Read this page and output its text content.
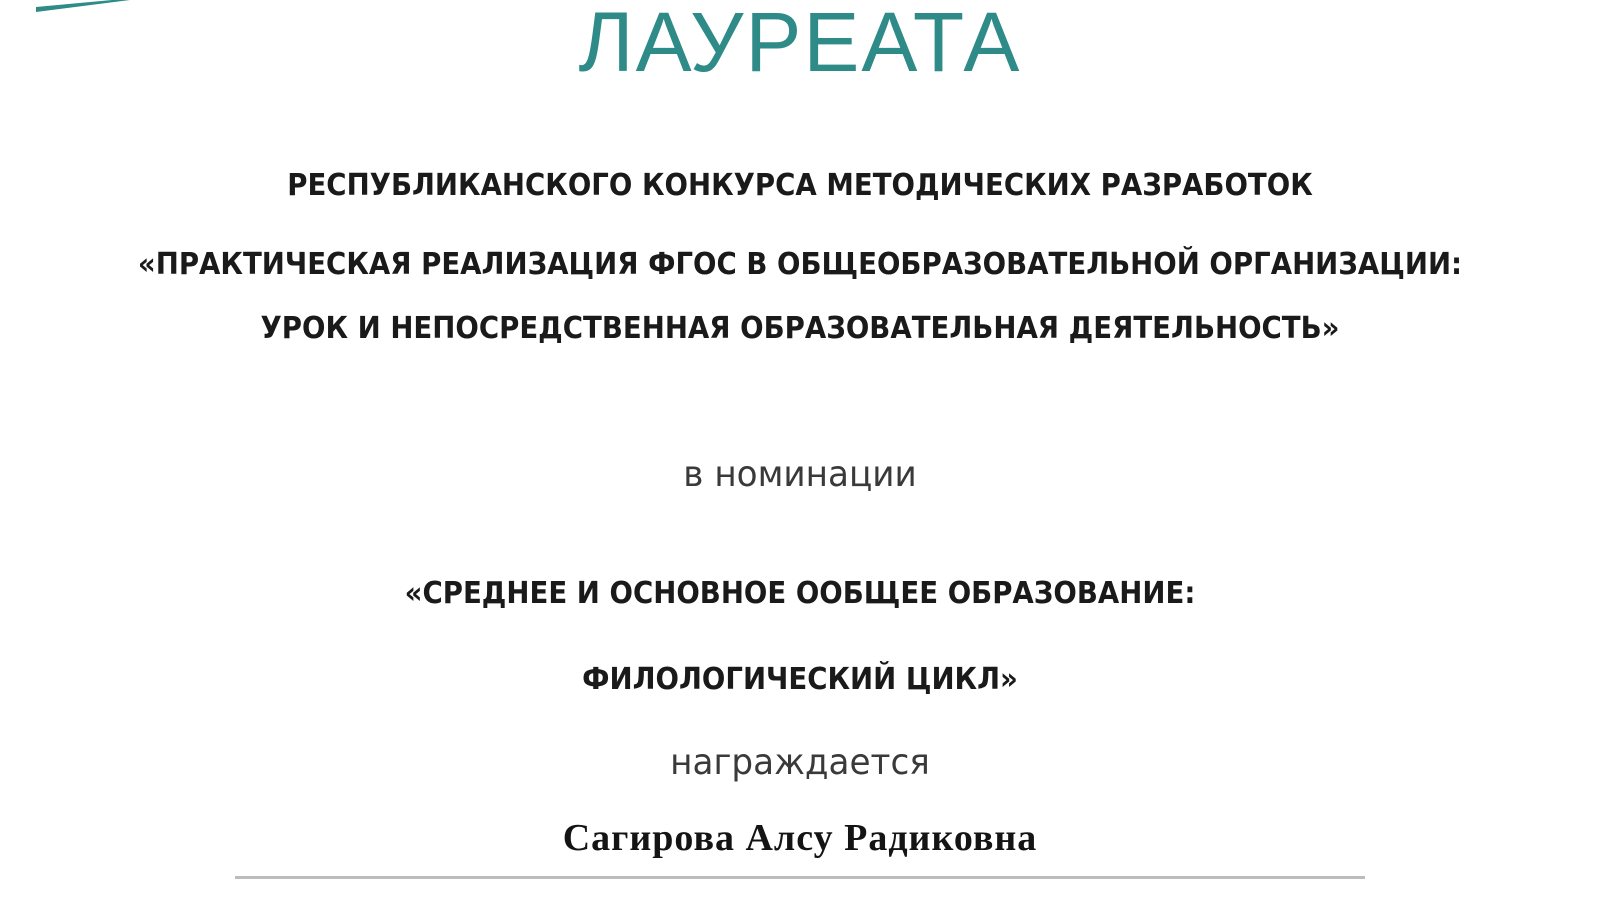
ЛАУРЕАТА
РЕСПУБЛИКАНСКОГО КОНКУРСА МЕТОДИЧЕСКИХ РАЗРАБОТОК
«ПРАКТИЧЕСКАЯ РЕАЛИЗАЦИЯ ФГОС В ОБЩЕОБРАЗОВАТЕЛЬНОЙ ОРГАНИЗАЦИИ:
УРОК И НЕПОСРЕДСТВЕННАЯ ОБРАЗОВАТЕЛЬНАЯ ДЕЯТЕЛЬНОСТЬ»
в номинации
«СРЕДНЕЕ И ОСНОВНОЕ ООБЩЕЕ ОБРАЗОВАНИЕ:
ФИЛОЛОГИЧЕСКИЙ ЦИКЛ»
награждается
Сагирова Алсу Радиковна
